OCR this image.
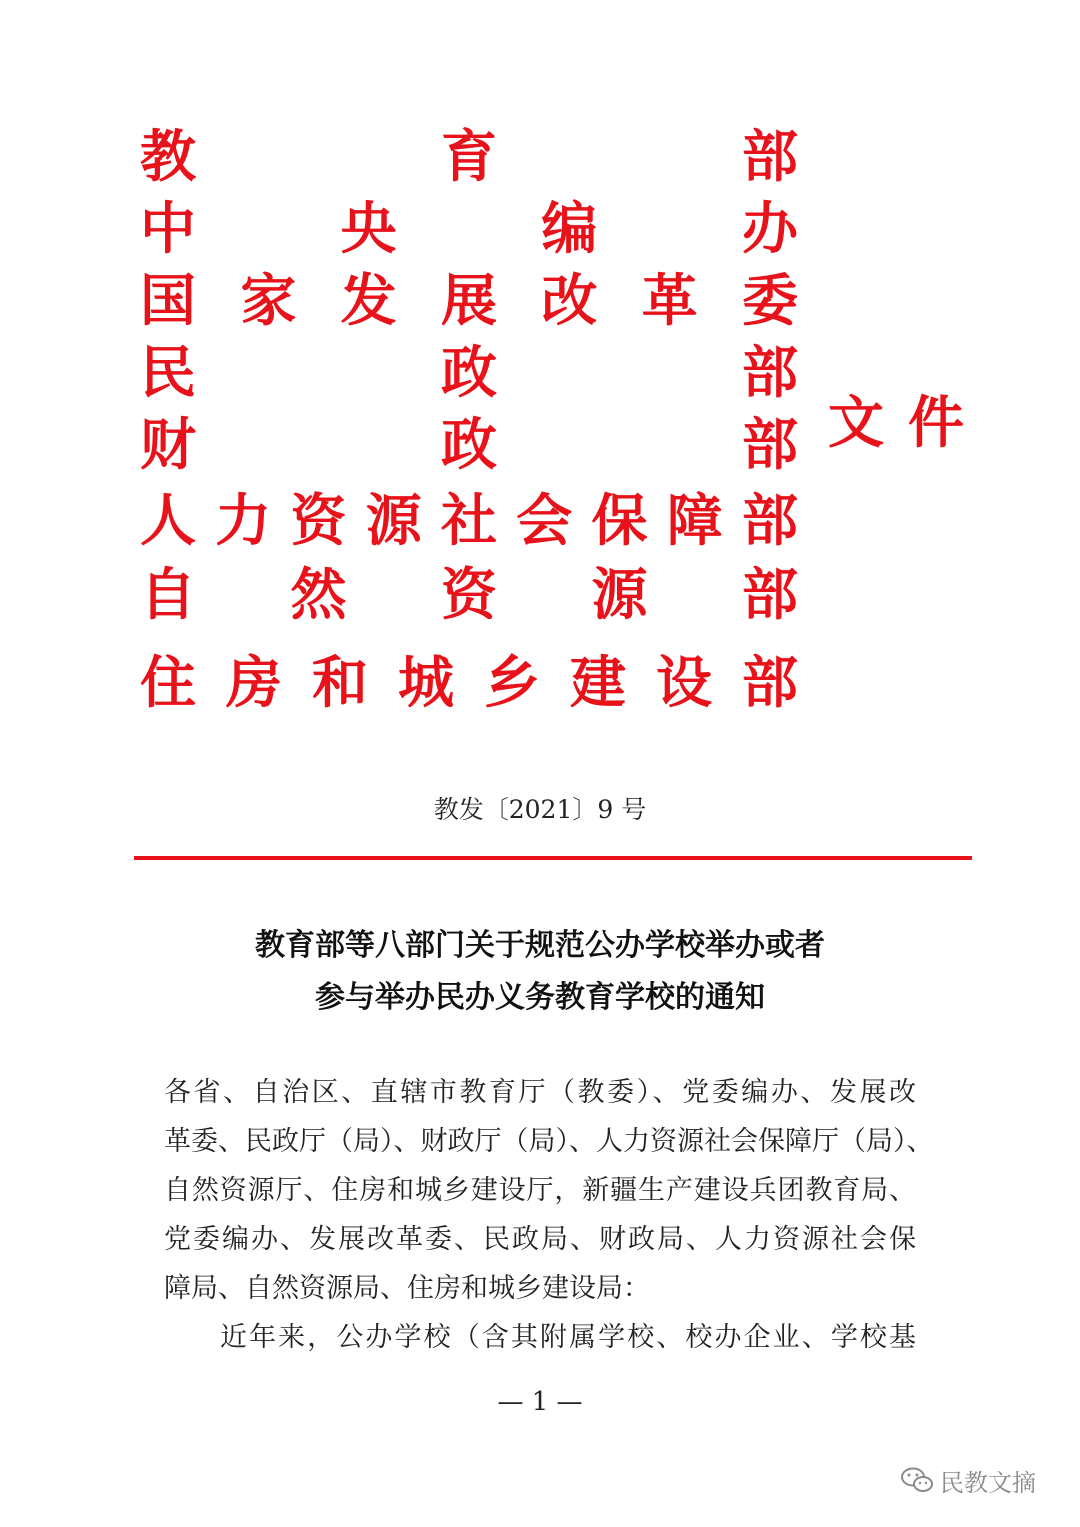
教	育	部
中	央	编	办
国 家 发 展 改 革 委
民	政	部
财	政	部
人 力 资 源 社 会 保 障 部
自 然 资 源 部
住 房 和 城 乡 建 设 部
文件
教发〔2021〕9 号
教育部等八部门关于规范公办学校举办或者
参与举办民办义务教育学校的通知
各省、自治区、直辖市教育厅（教委）、党委编办、发展改
革委、民政厅（局）、财政厅（局）、人力资源社会保障厅（局）、
自然资源厅、住房和城乡建设厅，新疆生产建设兵团教育局、
党委编办、发展改革委、民政局、财政局、人力资源社会保
障局、自然资源局、住房和城乡建设局：
近年来，公办学校（含其附属学校、校办企业、学校基
— 1 —
民教文摘
